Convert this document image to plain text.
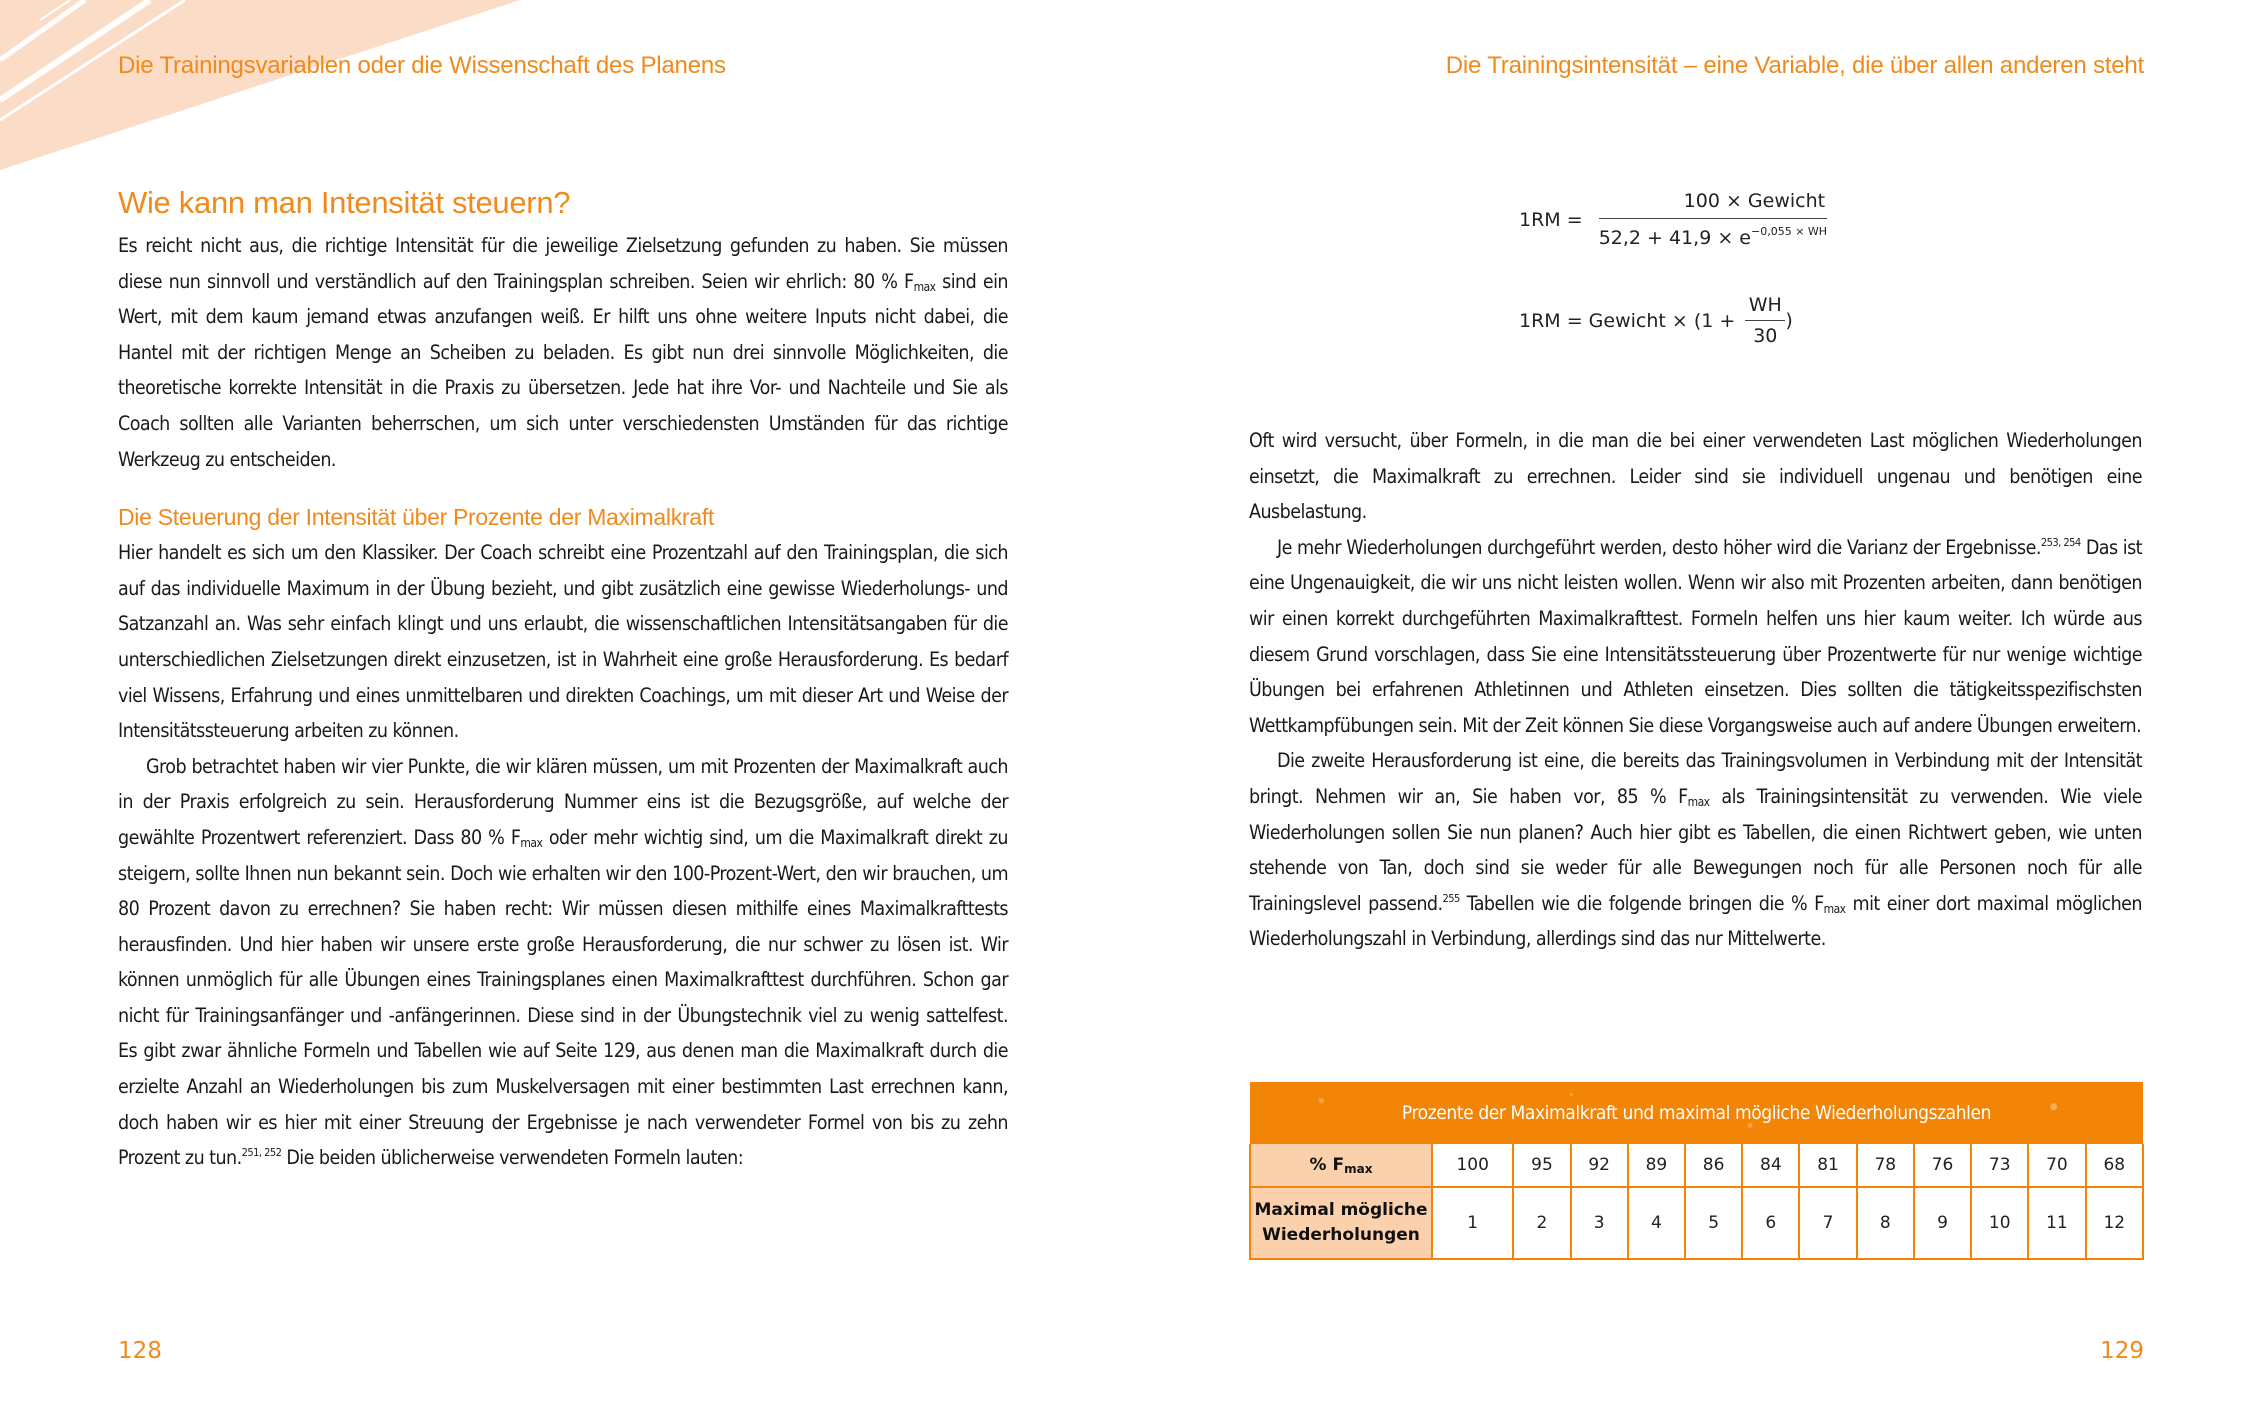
Die Trainingsvariablen oder die Wissenschaft des Planens	Die Trainingsintensität – eine Variable, die über allen anderen steht
Wie kann man Intensität steuern?

Es reicht nicht aus, die richtige Intensität für die jeweilige Zielsetzung gefunden zu haben. Sie müssen diese nun sinnvoll und verständlich auf den Trainingsplan schreiben. Seien wir ehrlich: 80 % $F_{max}$ sind ein Wert, mit dem kaum jemand etwas anzufangen weiß. Er hilft uns ohne weitere Inputs nicht dabei, die Hantel mit der richtigen Menge an Scheiben zu beladen. Es gibt nun drei sinnvolle Möglichkeiten, die theoretische korrekte Intensität in die Praxis zu übersetzen. Jede hat ihre Vor- und Nachteile und Sie als Coach sollten alle Varianten beherrschen, um sich unter verschiedensten Umständen für das richtige Werkzeug zu entscheiden.

Die Steuerung der Intensität über Prozente der Maximalkraft

Hier handelt es sich um den Klassiker. Der Coach schreibt eine Prozentzahl auf den Trainingsplan, die sich auf das individuelle Maximum in der Übung bezieht, und gibt zusätzlich eine gewisse Wiederholungs- und Satzanzahl an. Was sehr einfach klingt und uns erlaubt, die wissenschaftlichen Intensitätsangaben für die unterschiedlichen Zielsetzungen direkt einzusetzen, ist in Wahrheit eine große Herausforderung. Es bedarf viel Wissens, Erfahrung und eines unmittelbaren und direkten Coachings, um mit dieser Art und Weise der Intensitätssteuerung arbeiten zu können.

Grob betrachtet haben wir vier Punkte, die wir klären müssen, um mit Prozenten der Maximalkraft auch in der Praxis erfolgreich zu sein. Herausforderung Nummer eins ist die Bezugsgröße, auf welche der gewählte Prozentwert referenziert. Dass 80 % $F_{max}$ oder mehr wichtig sind, um die Maximalkraft direkt zu steigern, sollte Ihnen nun bekannt sein. Doch wie erhalten wir den 100-Prozent-Wert, den wir brauchen, um 80 Prozent davon zu errechnen? Sie haben recht: Wir müssen diesen mithilfe eines Maximalkrafttests herausfinden. Und hier haben wir unsere erste große Herausforderung, die nur schwer zu lösen ist. Wir können unmöglich für alle Übungen eines Trainingsplanes einen Maximalkrafttest durchführen. Schon gar nicht für Trainingsanfänger und -anfängerinnen. Diese sind in der Übungstechnik viel zu wenig sattelfest. Es gibt zwar ähnliche Formeln und Tabellen wie auf Seite 129, aus denen man die Maximalkraft durch die erzielte Anzahl an Wiederholungen bis zum Muskelversagen mit einer bestimmten Last errechnen kann, doch haben wir es hier mit einer Streuung der Ergebnisse je nach verwendeter Formel von bis zu zehn Prozent zu tun.$^{251, 252}$ Die beiden üblicherweise verwendeten Formeln lauten:

128
$1RM = \frac{\text{100 × Gewicht}}{52,2 + 41,9 \times e^{-0,055 \times WH}}$
1RM = Gewicht × ($1 + \frac{WH}{30}$ )

Oft wird versucht, über Formeln, in die man die bei einer verwendeten Last möglichen Wiederholungen einsetzt, die Maximalkraft zu errechnen. Leider sind sie individuell ungenau und benötigen eine Ausbelastung.

Je mehr Wiederholungen durchgeführt werden, desto höher wird die Varianz der Ergebnisse.$^{253, 254}$ Das ist eine Ungenauigkeit, die wir uns nicht leisten wollen. Wenn wir also mit Prozenten arbeiten, dann benötigen wir einen korrekt durchgeführten Maximalkrafttest. Formeln helfen uns hier kaum weiter. Ich würde aus diesem Grund vorschlagen, dass Sie eine Intensitätssteuerung über Prozentwerte für nur wenige wichtige Übungen bei erfahrenen Athletinnen und Athleten einsetzen. Dies sollten die tätigkeitsspezifischsten Wettkampfübungen sein. Mit der Zeit können Sie diese Vorgangsweise auch auf andere Übungen erweitern.

Die zweite Herausforderung ist eine, die bereits das Trainingsvolumen in Verbindung mit der Intensität bringt. Nehmen wir an, Sie haben vor, 85 % $F_{max}$ als Trainingsintensität zu verwenden. Wie viele Wiederholungen sollen Sie nun planen? Auch hier gibt es Tabellen, die einen Richtwert geben, wie unten stehende von Tan, doch sind sie weder für alle Bewegungen noch für alle Personen noch für alle Trainingslevel passend.$^{255}$ Tabellen wie die folgende bringen die % $F_{max}$ mit einer dort maximal möglichen Wiederholungszahl in Verbindung, allerdings sind das nur Mittelwerte.

Prozente der Maximalkraft und maximal mögliche Wiederholungszahlen												
% $F_{max}$	100	95	92	89	86	84	81	78	76	73	70	68
Maximal mögliche Wiederholungen	1	2	3	4	5	6	7	8	9	10	11	12
129
